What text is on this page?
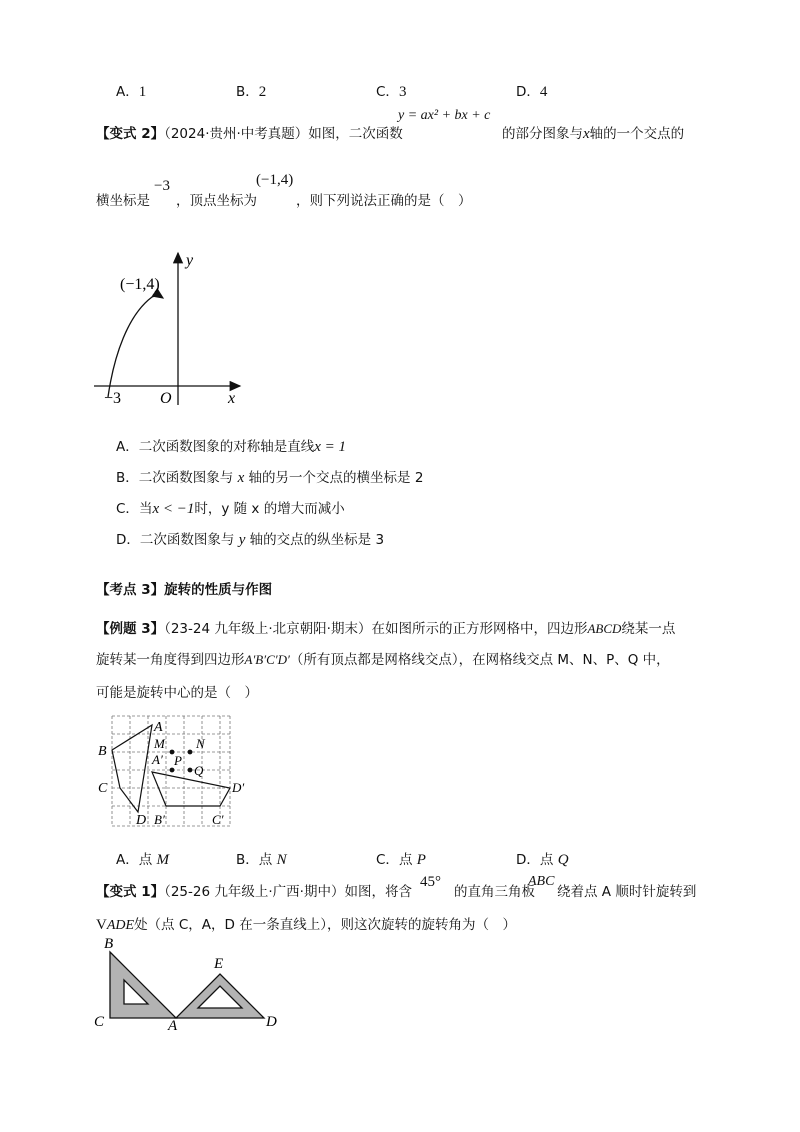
A．1	B．2	C．3	D．4
【变式 2】（2024·贵州·中考真题）如图，二次函数
y = ax² + bx + c
的部分图象与x轴的一个交点的
横坐标是
−3
，顶点坐标为
(−1,4)
，则下列说法正确的是（　）
y
x
O
−3
(−1,4)
A．二次函数图象的对称轴是直线x = 1
B．二次函数图象与 x 轴的另一个交点的横坐标是 2
C．当x < −1时，y 随 x 的增大而减小
D．二次函数图象与 y 轴的交点的纵坐标是 3
【考点 3】旋转的性质与作图
【例题 3】（23-24 九年级上·北京朝阳·期末）在如图所示的正方形网格中，四边形ABCD绕某一点
旋转某一角度得到四边形A′B′C′D′（所有顶点都是网格线交点），在网格线交点 M、N、P、Q 中，
可能是旋转中心的是（　）
A
B
C
D
A′
B′	C′
D′
M N
P
Q
A．点 M	B．点 N	C．点 P	D．点 Q
【变式 1】（25-26 九年级上·广西·期中）如图，将含
45°
的直角三角板
ABC
绕着点 A 顺时针旋转到
VADE处（点 C，A，D 在一条直线上），则这次旋转的旋转角为（　）
B
C	A
E
D
